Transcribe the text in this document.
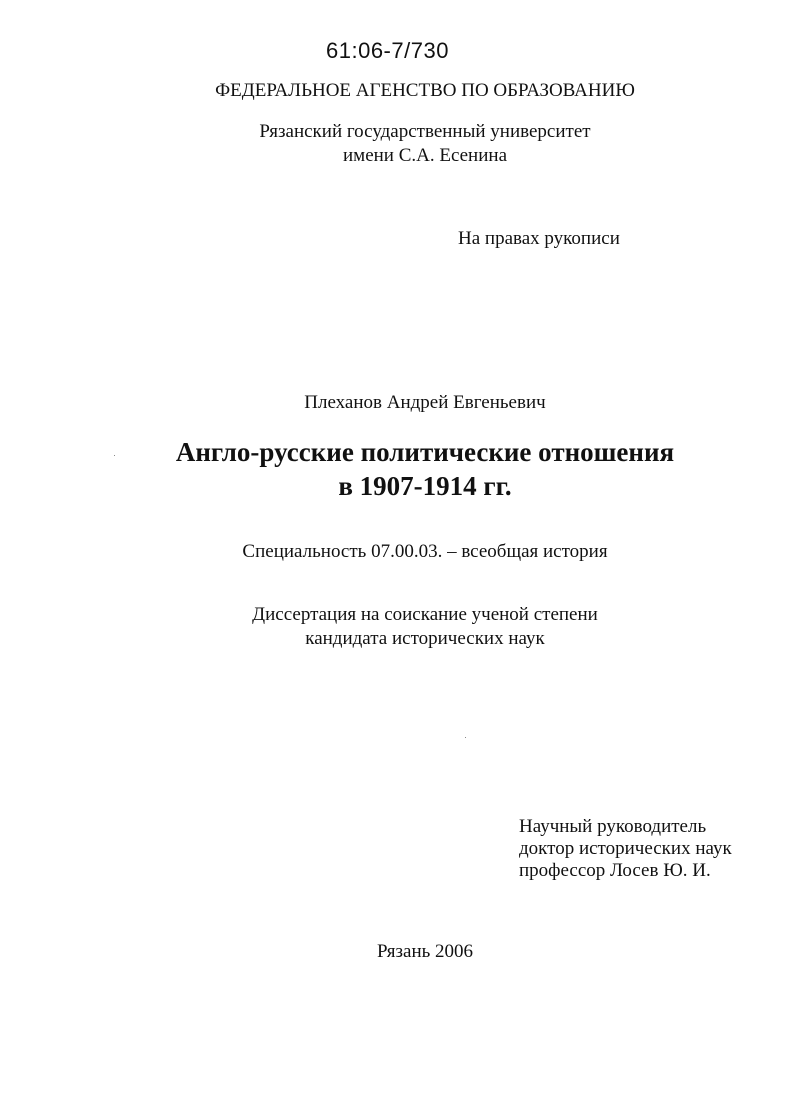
61:06-7/730
ФЕДЕРАЛЬНОЕ АГЕНСТВО ПО ОБРАЗОВАНИЮ
Рязанский государственный университет
имени С.А. Есенина
На правах рукописи
Плеханов Андрей Евгеньевич
Англо-русские политические отношения
в 1907-1914 гг.
Специальность 07.00.03. – всеобщая история
Диссертация на соискание ученой степени
кандидата исторических наук
Научный руководитель
доктор исторических наук
профессор Лосев Ю. И.
Рязань 2006
